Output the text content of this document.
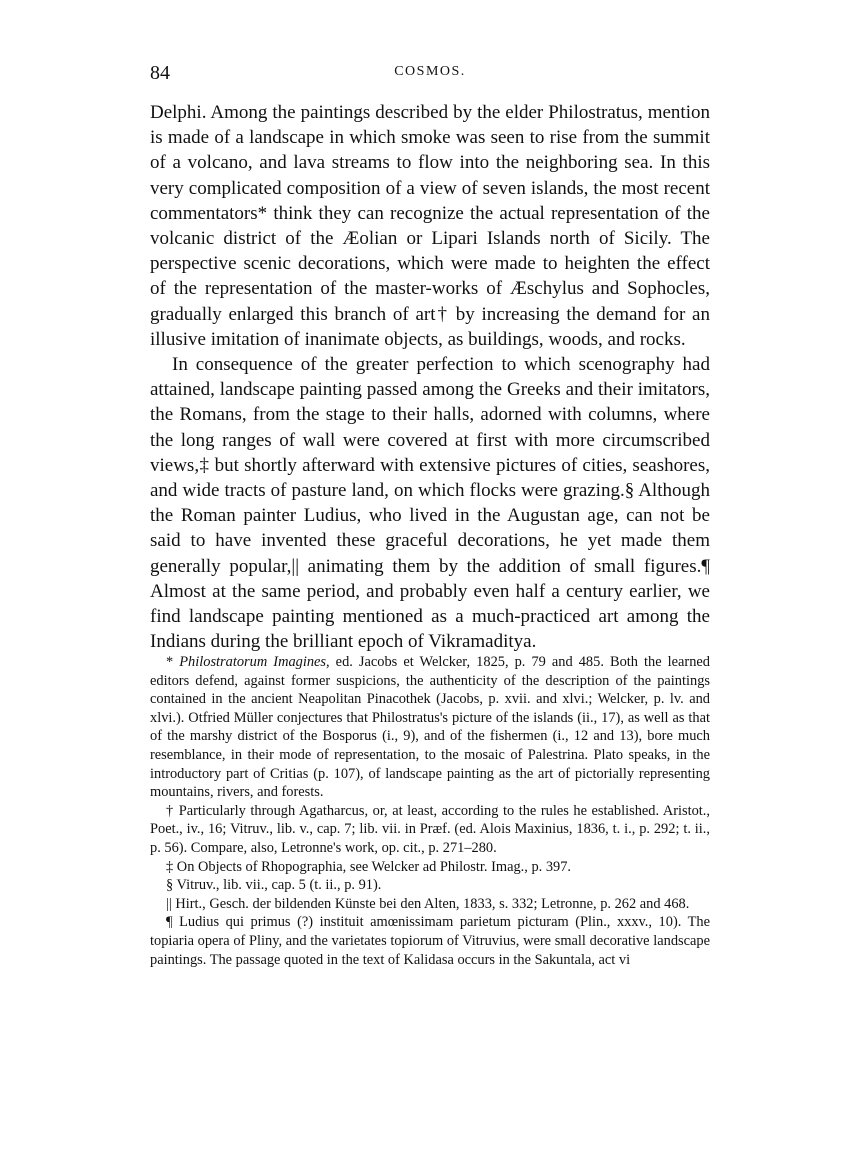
84	COSMOS.

Delphi. Among the paintings described by the elder Philostratus, mention is made of a landscape in which smoke was seen to rise from the summit of a volcano, and lava streams to flow into the neighboring sea. In this very complicated composition of a view of seven islands, the most recent commentators* think they can recognize the actual representation of the volcanic district of the Æolian or Lipari Islands north of Sicily. The perspective scenic decorations, which were made to heighten the effect of the representation of the master-works of Æschylus and Sophocles, gradually enlarged this branch of art† by increasing the demand for an illusive imitation of inanimate objects, as buildings, woods, and rocks.

In consequence of the greater perfection to which scenography had attained, landscape painting passed among the Greeks and their imitators, the Romans, from the stage to their halls, adorned with columns, where the long ranges of wall were covered at first with more circumscribed views,‡ but shortly afterward with extensive pictures of cities, seashores, and wide tracts of pasture land, on which flocks were grazing.§ Although the Roman painter Ludius, who lived in the Augustan age, can not be said to have invented these graceful decorations, he yet made them generally popular,|| animating them by the addition of small figures.¶ Almost at the same period, and probably even half a century earlier, we find landscape painting mentioned as a much-practiced art among the Indians during the brilliant epoch of Vikramaditya.

* Philostratorum Imagines, ed. Jacobs et Welcker, 1825, p. 79 and 485. Both the learned editors defend, against former suspicions, the authenticity of the description of the paintings contained in the ancient Neapolitan Pinacothek (Jacobs, p. xvii. and xlvi.; Welcker, p. lv. and xlvi.). Otfried Müller conjectures that Philostratus's picture of the islands (ii., 17), as well as that of the marshy district of the Bosporus (i., 9), and of the fishermen (i., 12 and 13), bore much resemblance, in their mode of representation, to the mosaic of Palestrina. Plato speaks, in the introductory part of Critias (p. 107), of landscape painting as the art of pictorially representing mountains, rivers, and forests.

† Particularly through Agatharcus, or, at least, according to the rules he established. Aristot., Poet., iv., 16; Vitruv., lib. v., cap. 7; lib. vii. in Præf. (ed. Alois Maxinius, 1836, t. i., p. 292; t. ii., p. 56). Compare, also, Letronne's work, op. cit., p. 271–280.

‡ On Objects of Rhopographia, see Welcker ad Philostr. Imag., p. 397.

§ Vitruv., lib. vii., cap. 5 (t. ii., p. 91).

|| Hirt., Gesch. der bildenden Künste bei den Alten, 1833, s. 332; Letronne, p. 262 and 468.

¶ Ludius qui primus (?) instituit amœnissimam parietum picturam (Plin., xxxv., 10). The topiaria opera of Pliny, and the varietates topiorum of Vitruvius, were small decorative landscape paintings. The passage quoted in the text of Kalidasa occurs in the Sakuntala, act vi
